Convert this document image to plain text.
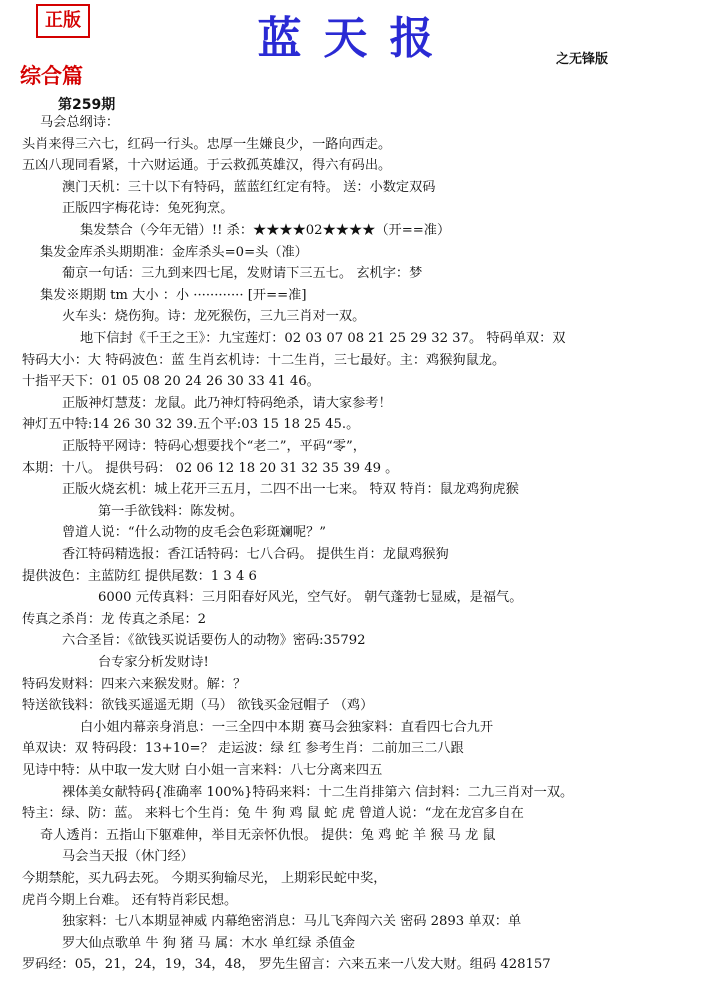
正版	蓝天报	之无锋版
综合篇
第259期
马会总纲诗：
头肖来得三六七，红码一行头。忠厚一生嫌良少，一路向西走。
五凶八现同看紧，十六财运通。于云救孤英雄汉，得六有码出。
澳门天机：三十以下有特码，蓝蓝红红定有特。 送：小数定双码
正版四字梅花诗：兔死狗烹。
集发禁合（今年无错）!! 杀：★★★★02★★★★（开==准）
集发金库杀头期期准：金库杀头=0=头（准）
葡京一句话：三九到来四七尾，发财请下三五七。 玄机字：梦
集发※期期 tm 大小 ：小 ············ [开==准]
火车头：烧伤狗。诗：龙死猴伤，三九三肖对一双。
地下信封《千王之王》：九宝莲灯：02 03 07 08 21 25 29 32 37。 特码单双：双
特码大小：大 特码波色：蓝 生肖玄机诗：十二生肖，三七最好。主：鸡猴狗鼠龙。
十指平天下：01 05 08 20 24 26 30 33 41 46。
正版神灯慧芨：龙鼠。此乃神灯特码绝杀，请大家参考！
神灯五中特:14 26 30 32 39.五个平:03 15 18 25 45.。
正版特平网诗：特码心想要找个“老二”，平码“零”，
本期：十八。 提供号码： 02 06 12 18 20 31 32 35 39 49 。
正版火烧玄机：城上花开三五月，二四不出一七来。 特双 特肖：鼠龙鸡狗虎猴
第一手欲钱料：陈发树。
曾道人说：“什么动物的皮毛会色彩斑斓呢？”
香江特码精选报：香江话特码：七八合码。 提供生肖：龙鼠鸡猴狗
提供波色：主蓝防红 提供尾数：1 3 4 6
6000 元传真料：三月阳春好风光，空气好。 朝气蓬勃七显威，是福气。
传真之杀肖：龙 传真之杀尾：2
六合圣旨：《欲钱买说话要伤人的动物》密码:35792
台专家分析发财诗!
特码发财料：四来六来猴发财。解：？
特送欲钱料：欲钱买遥遥无期（马） 欲钱买金冠帽子 （鸡）
白小姐内幕亲身消息：一三全四中本期 赛马会独家料：直看四七合九开
单双诀：双 特码段：13+10=？ 走运波：绿 红 参考生肖：二前加三二八跟
见诗中特：从中取一发大财 白小姐一言来料：八七分离来四五
裸体美女献特码{准确率 100%}特码来料：十二生肖排第六 信封料：二九三肖对一双。
特主：绿、防：蓝。 来料七个生肖：兔 牛 狗 鸡 鼠 蛇 虎 曾道人说：“龙在龙宫多自在
奇人透肖：五指山下躯难伸，举目无亲怀仇恨。 提供：兔 鸡 蛇 羊 猴 马 龙 鼠
马会当天报（休门经）
今期禁舵，买九码去死。 今期买狗输尽光， 上期彩民蛇中奖，
虎肖今期上台难。 还有特肖彩民想。
独家料：七八本期显神威 内幕绝密消息：马儿飞奔闯六关 密码 2893 单双：单
罗大仙点歌单 牛 狗 猪 马 属：木水 单红绿 杀值金
罗码经：05，21，24，19，34，48， 罗先生留言：六来五来一八发大财。组码 428157
